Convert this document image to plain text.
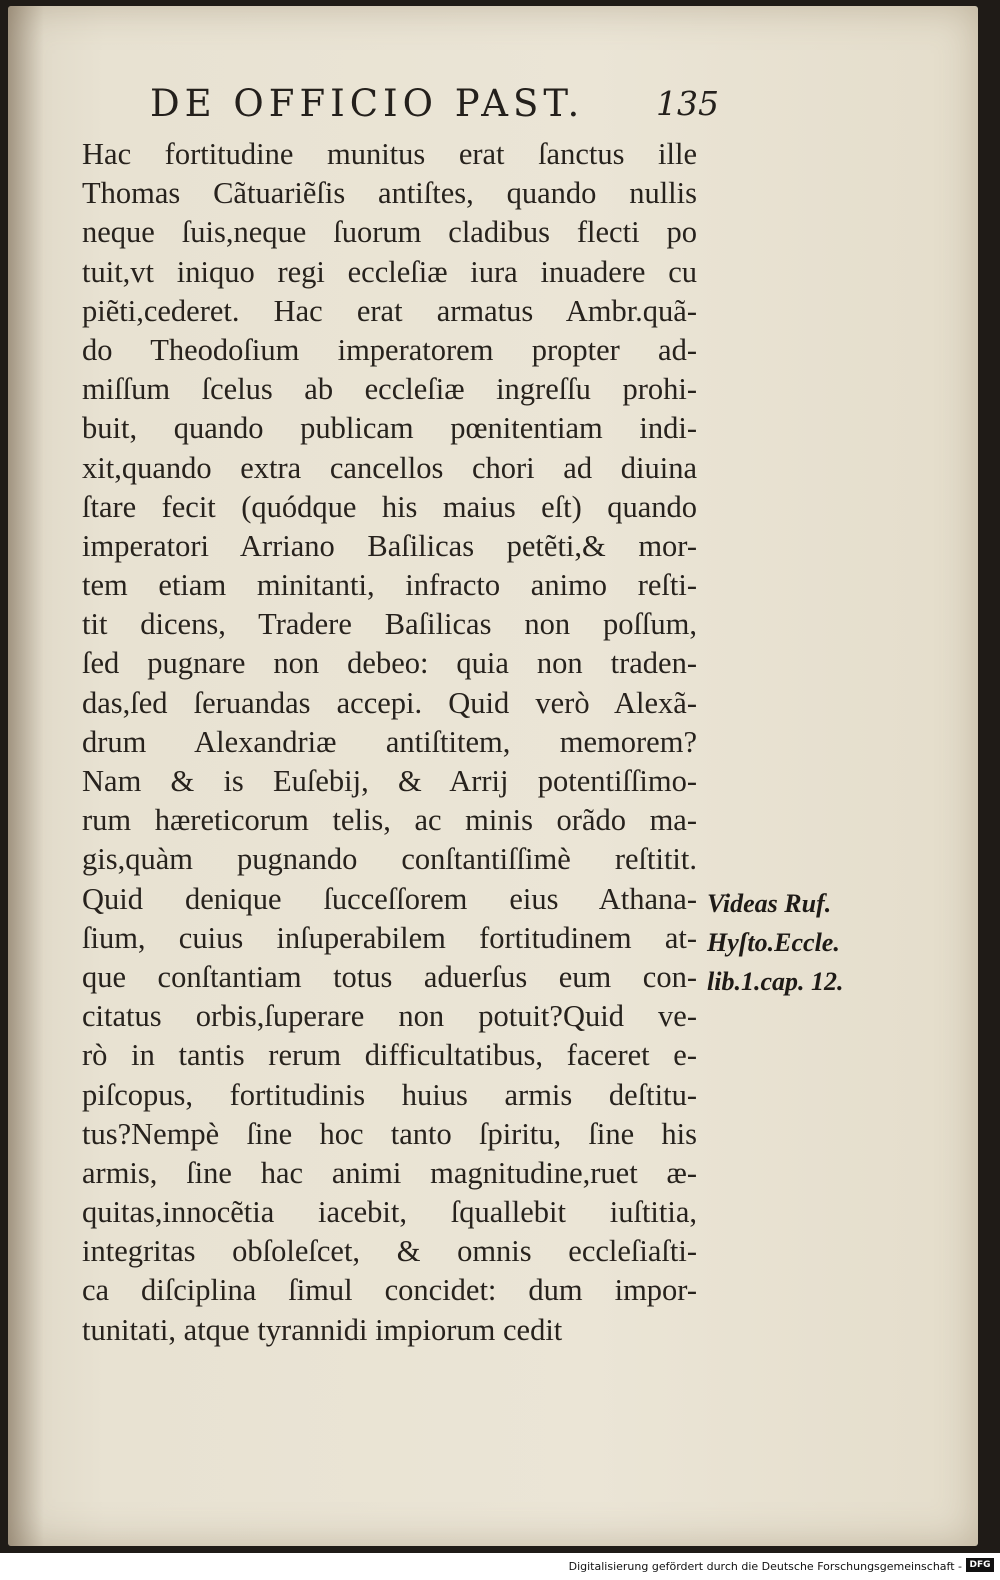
DE OFFICIO PAST. 135
Hac fortitudine munitus erat ſanctus ille
Thomas Cãtuariẽſis antiſtes, quando nullis
neque ſuis,neque ſuorum cladibus flecti po
tuit,vt iniquo regi eccleſiæ iura inuadere cu
piẽti,cederet. Hac erat armatus Ambr.quã-
do Theodoſium imperatorem propter ad-
miſſum ſcelus ab eccleſiæ ingreſſu prohi-
buit, quando publicam pœnitentiam indi-
xit,quando extra cancellos chori ad diuina
ſtare fecit (quódque his maius eſt) quando
imperatori Arriano Baſilicas petẽti,& mor-
tem etiam minitanti, infracto animo reſti-
tit dicens, Tradere Baſilicas non poſſum,
ſed pugnare non debeo: quia non traden-
das,ſed ſeruandas accepi. Quid verò Alexã-
drum Alexandriæ antiſtitem, memorem?
Nam & is Euſebij, & Arrij potentiſſimo-
rum hæreticorum telis, ac minis orãdo ma-
gis,quàm pugnando conſtantiſſimè reſtitit.
Quid denique ſucceſſorem eius Athana-
ſium, cuius inſuperabilem fortitudinem at-
que conſtantiam totus aduerſus eum con-
citatus orbis,ſuperare non potuit?Quid ve-
rò in tantis rerum difficultatibus, faceret e-
piſcopus, fortitudinis huius armis deſtitu-
tus?Nempè ſine hoc tanto ſpiritu, ſine his
armis, ſine hac animi magnitudine,ruet æ-
quitas,innocẽtia iacebit, ſquallebit iuſtitia,
integritas obſoleſcet, & omnis eccleſiaſti-
ca diſciplina ſimul concidet: dum impor-
tunitati, atque tyrannidi impiorum cedit
Videas Ruf.
Hyſto.Eccle.
lib.1.cap. 12.
Digitalisierung gefördert durch die Deutsche Forschungsgemeinschaft - DFG
